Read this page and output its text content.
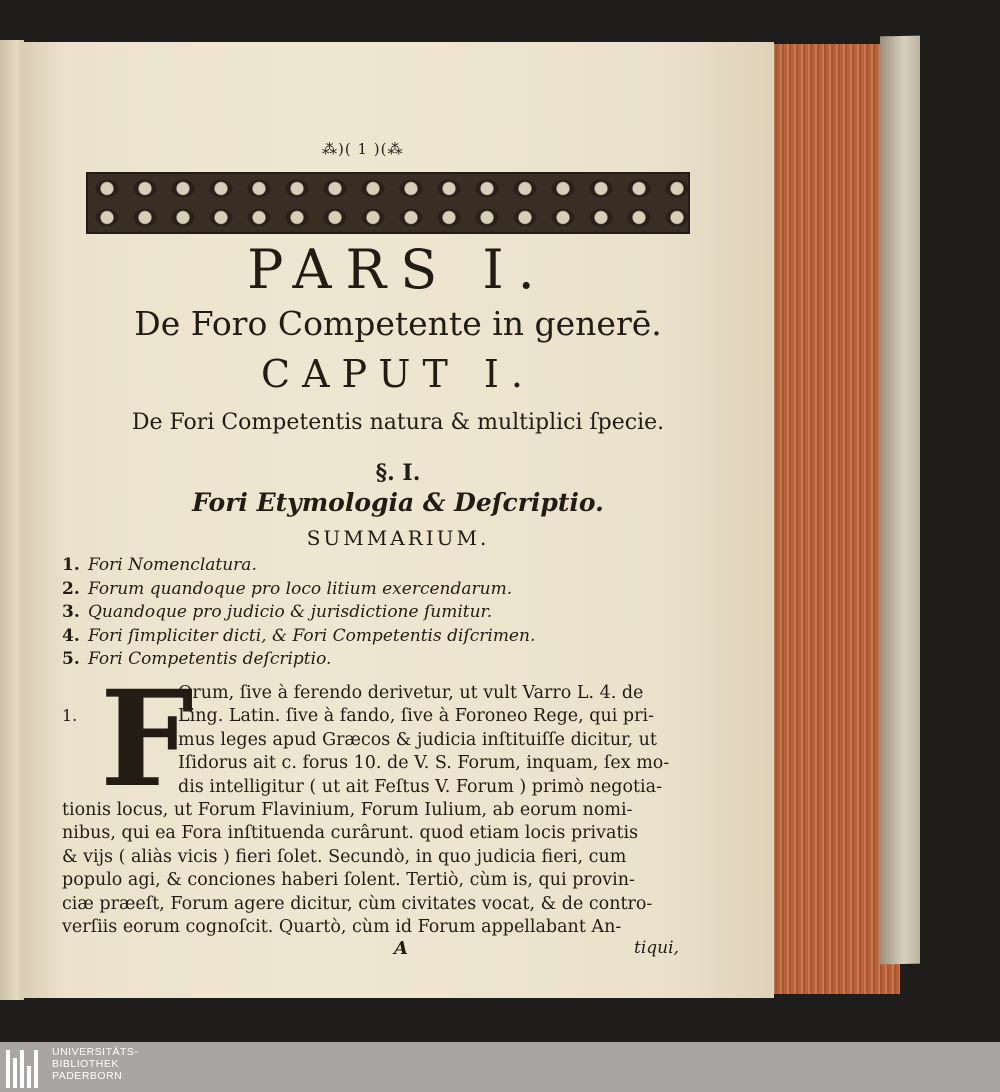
⁂)( 1 )(⁂

PARS I.

De Foro Competente in generē.

CAPUT I.

De Fori Competentis natura & multiplici ſpecie.

§. I.

Fori Etymologia & Deſcriptio.

SUMMARIUM.

1. Fori Nomenclatura.
2. Forum quandoque pro loco litium exercendarum.
3. Quandoque pro judicio & jurisdictione ſumitur.
4. Fori ſimpliciter dicti, & Fori Competentis diſcrimen.
5. Fori Competentis deſcriptio.

F

1.

Orum, ſive à ferendo derivetur, ut vult Varro L. 4. de
Ling. Latin. ſive à fando, ſive à Foroneo Rege, qui pri-
mus leges apud Græcos & judicia inſtituiſſe dicitur, ut
Iſidorus ait c. forus 10. de V. S. Forum, inquam, ſex mo-
dis intelligitur ( ut ait Feſtus V. Forum ) primò negotia-
tionis locus, ut Forum Flavinium, Forum Iulium, ab eorum nomi-
nibus, qui ea Fora inſtituenda curârunt. quod etiam locis privatis
& vijs ( aliàs vicis ) fieri ſolet. Secundò, in quo judicia fieri, cum
populo agi, & conciones haberi ſolent. Tertiò, cùm is, qui provin-
ciæ præeſt, Forum agere dicitur, cùm civitates vocat, & de contro-
verſiis eorum cognoſcit. Quartò, cùm id Forum appellabant An-

A	tiqui,

UNIVERSITÄTS-
BIBLIOTHEK
PADERBORN
